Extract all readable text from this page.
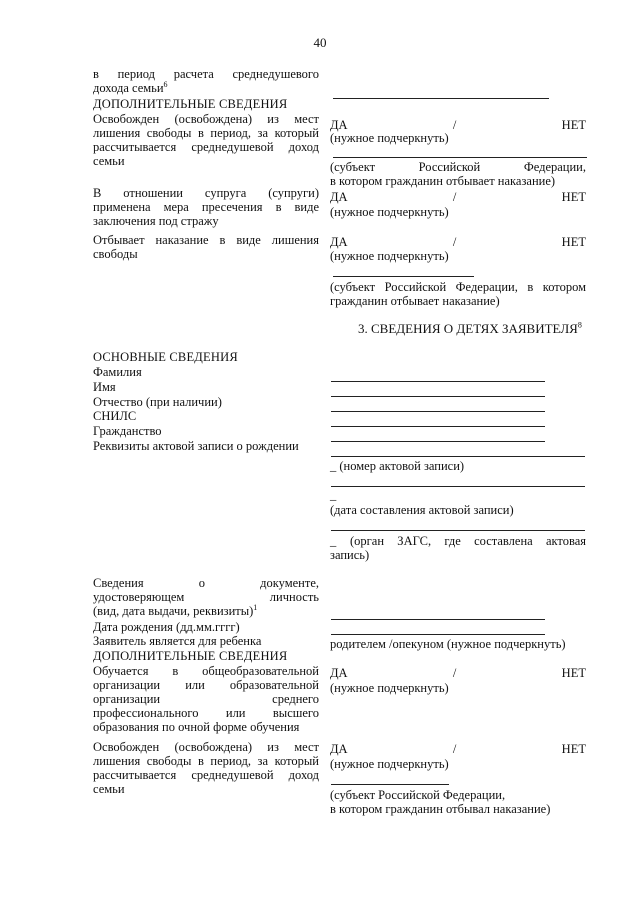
40
в период расчета среднедушевого
дохода семьи$^6$
ДОПОЛНИТЕЛЬНЫЕ СВЕДЕНИЯ
Освобожден (освобождена) из мест
лишения свободы в период, за который
рассчитывается среднедушевой доход
семьи
ДА	/	НЕТ
(нужное подчеркнуть)
(субъект Российской Федерации,
в котором гражданин отбывает наказание)
В отношении супруга (супруги)
применена мера пресечения в виде
заключения под стражу
ДА	/	НЕТ
(нужное подчеркнуть)
Отбывает наказание в виде лишения
свободы
ДА	/	НЕТ
(нужное подчеркнуть)
(субъект Российской Федерации, в котором
гражданин отбывает наказание)
3. СВЕДЕНИЯ О ДЕТЯХ ЗАЯВИТЕЛЯ$^8$
ОСНОВНЫЕ СВЕДЕНИЯ
Фамилия
Имя
Отчество (при наличии)
СНИЛС
Гражданство
Реквизиты актовой записи о рождении
_ (номер актовой записи)
_
(дата составления актовой записи)
_ (орган ЗАГС, где составлена актовая
запись)
Сведения о документе,
удостоверяющем личность
(вид, дата выдачи, реквизиты)$^1$
Дата рождения (дд.мм.гггг)
Заявитель является для ребенка	родителем /опекуном (нужное подчеркнуть)
ДОПОЛНИТЕЛЬНЫЕ СВЕДЕНИЯ
Обучается в общеобразовательной
организации или образовательной
организации среднего
профессионального или высшего
образования по очной форме обучения
ДА	/	НЕТ
(нужное подчеркнуть)
Освобожден (освобождена) из мест
лишения свободы в период, за который
рассчитывается среднедушевой доход
семьи
ДА	/	НЕТ
(нужное подчеркнуть)
(субъект Российской Федерации,
в котором гражданин отбывал наказание)
